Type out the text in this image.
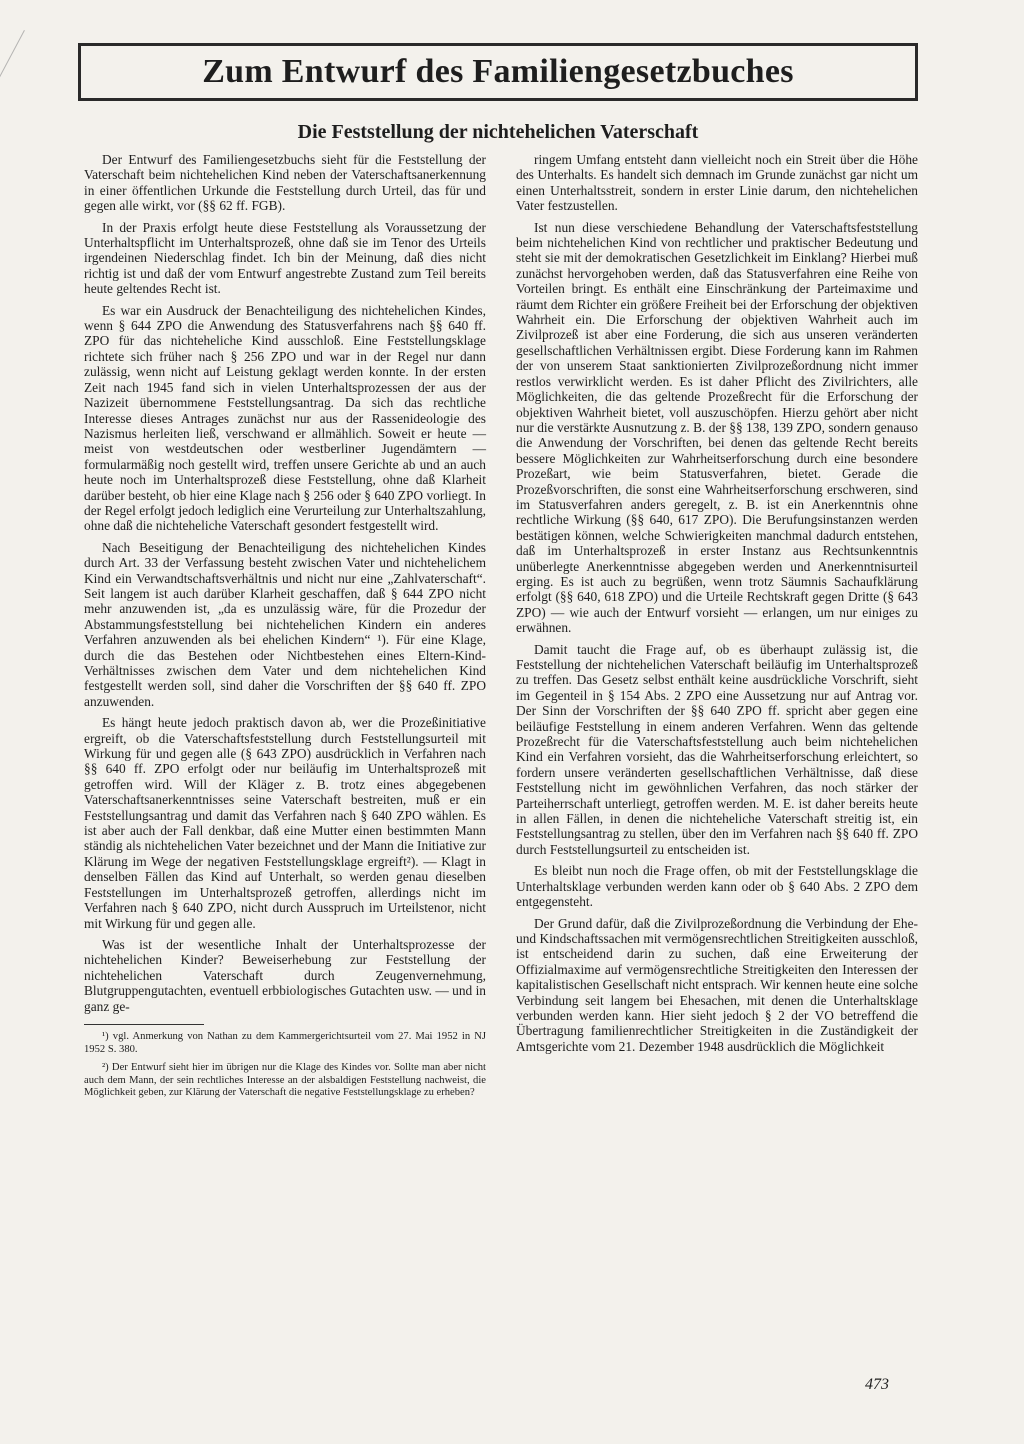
Zum Entwurf des Familiengesetzbuches
Die Feststellung der nichtehelichen Vaterschaft

Der Entwurf des Familiengesetzbuchs sieht für die Feststellung der Vaterschaft beim nichtehelichen Kind neben der Vaterschaftsanerkennung in einer öffentlichen Urkunde die Feststellung durch Urteil, das für und gegen alle wirkt, vor (§§ 62 ff. FGB).

In der Praxis erfolgt heute diese Feststellung als Voraussetzung der Unterhaltspflicht im Unterhaltsprozeß, ohne daß sie im Tenor des Urteils irgendeinen Niederschlag findet. Ich bin der Meinung, daß dies nicht richtig ist und daß der vom Entwurf angestrebte Zustand zum Teil bereits heute geltendes Recht ist.

Es war ein Ausdruck der Benachteiligung des nichtehelichen Kindes, wenn § 644 ZPO die Anwendung des Statusverfahrens nach §§ 640 ff. ZPO für das nichteheliche Kind ausschloß. Eine Feststellungsklage richtete sich früher nach § 256 ZPO und war in der Regel nur dann zulässig, wenn nicht auf Leistung geklagt werden konnte. In der ersten Zeit nach 1945 fand sich in vielen Unterhaltsprozessen der aus der Nazizeit übernommene Feststellungsantrag. Da sich das rechtliche Interesse dieses Antrages zunächst nur aus der Rassenideologie des Nazismus herleiten ließ, verschwand er allmählich. Soweit er heute — meist von westdeutschen oder westberliner Jugendämtern — formularmäßig noch gestellt wird, treffen unsere Gerichte ab und an auch heute noch im Unterhaltsprozeß diese Feststellung, ohne daß Klarheit darüber besteht, ob hier eine Klage nach § 256 oder § 640 ZPO vorliegt. In der Regel erfolgt jedoch lediglich eine Verurteilung zur Unterhaltszahlung, ohne daß die nichteheliche Vaterschaft gesondert festgestellt wird.

Nach Beseitigung der Benachteiligung des nichtehelichen Kindes durch Art. 33 der Verfassung besteht zwischen Vater und nichtehelichem Kind ein Verwandtschaftsverhältnis und nicht nur eine „Zahlvaterschaft“. Seit langem ist auch darüber Klarheit geschaffen, daß § 644 ZPO nicht mehr anzuwenden ist, „da es unzulässig wäre, für die Prozedur der Abstammungsfeststellung bei nichtehelichen Kindern ein anderes Verfahren anzuwenden als bei ehelichen Kindern“ ¹). Für eine Klage, durch die das Bestehen oder Nichtbestehen eines Eltern-Kind-Verhältnisses zwischen dem Vater und dem nichtehelichen Kind festgestellt werden soll, sind daher die Vorschriften der §§ 640 ff. ZPO anzuwenden.

Es hängt heute jedoch praktisch davon ab, wer die Prozeßinitiative ergreift, ob die Vaterschaftsfeststellung durch Feststellungsurteil mit Wirkung für und gegen alle (§ 643 ZPO) ausdrücklich in Verfahren nach §§ 640 ff. ZPO erfolgt oder nur beiläufig im Unterhaltsprozeß mit getroffen wird. Will der Kläger z. B. trotz eines abgegebenen Vaterschaftsanerkenntnisses seine Vaterschaft bestreiten, muß er ein Feststellungsantrag und damit das Verfahren nach § 640 ZPO wählen. Es ist aber auch der Fall denkbar, daß eine Mutter einen bestimmten Mann ständig als nichtehelichen Vater bezeichnet und der Mann die Initiative zur Klärung im Wege der negativen Feststellungsklage ergreift²). — Klagt in denselben Fällen das Kind auf Unterhalt, so werden genau dieselben Feststellungen im Unterhaltsprozeß getroffen, allerdings nicht im Verfahren nach § 640 ZPO, nicht durch Ausspruch im Urteilstenor, nicht mit Wirkung für und gegen alle.

Was ist der wesentliche Inhalt der Unterhaltsprozesse der nichtehelichen Kinder? Beweiserhebung zur Feststellung der nichtehelichen Vaterschaft durch Zeugenvernehmung, Blutgruppengutachten, eventuell erbbiologisches Gutachten usw. — und in ganz ge-

¹) vgl. Anmerkung von Nathan zu dem Kammergerichtsurteil vom 27. Mai 1952 in NJ 1952 S. 380.

²) Der Entwurf sieht hier im übrigen nur die Klage des Kindes vor. Sollte man aber nicht auch dem Mann, der sein rechtliches Interesse an der alsbaldigen Feststellung nachweist, die Möglichkeit geben, zur Klärung der Vaterschaft die negative Feststellungsklage zu erheben?

ringem Umfang entsteht dann vielleicht noch ein Streit über die Höhe des Unterhalts. Es handelt sich demnach im Grunde zunächst gar nicht um einen Unterhaltsstreit, sondern in erster Linie darum, den nichtehelichen Vater festzustellen.

Ist nun diese verschiedene Behandlung der Vaterschaftsfeststellung beim nichtehelichen Kind von rechtlicher und praktischer Bedeutung und steht sie mit der demokratischen Gesetzlichkeit im Einklang? Hierbei muß zunächst hervorgehoben werden, daß das Statusverfahren eine Reihe von Vorteilen bringt. Es enthält eine Einschränkung der Parteimaxime und räumt dem Richter ein größere Freiheit bei der Erforschung der objektiven Wahrheit ein. Die Erforschung der objektiven Wahrheit auch im Zivilprozeß ist aber eine Forderung, die sich aus unseren veränderten gesellschaftlichen Verhältnissen ergibt. Diese Forderung kann im Rahmen der von unserem Staat sanktionierten Zivilprozeßordnung nicht immer restlos verwirklicht werden. Es ist daher Pflicht des Zivilrichters, alle Möglichkeiten, die das geltende Prozeßrecht für die Erforschung der objektiven Wahrheit bietet, voll auszuschöpfen. Hierzu gehört aber nicht nur die verstärkte Ausnutzung z. B. der §§ 138, 139 ZPO, sondern genauso die Anwendung der Vorschriften, bei denen das geltende Recht bereits bessere Möglichkeiten zur Wahrheitserforschung durch eine besondere Prozeßart, wie beim Statusverfahren, bietet. Gerade die Prozeßvorschriften, die sonst eine Wahrheitserforschung erschweren, sind im Statusverfahren anders geregelt, z. B. ist ein Anerkenntnis ohne rechtliche Wirkung (§§ 640, 617 ZPO). Die Berufungsinstanzen werden bestätigen können, welche Schwierigkeiten manchmal dadurch entstehen, daß im Unterhaltsprozeß in erster Instanz aus Rechtsunkenntnis unüberlegte Anerkenntnisse abgegeben werden und Anerkenntnisurteil erging. Es ist auch zu begrüßen, wenn trotz Säumnis Sachaufklärung erfolgt (§§ 640, 618 ZPO) und die Urteile Rechtskraft gegen Dritte (§ 643 ZPO) — wie auch der Entwurf vorsieht — erlangen, um nur einiges zu erwähnen.

Damit taucht die Frage auf, ob es überhaupt zulässig ist, die Feststellung der nichtehelichen Vaterschaft beiläufig im Unterhaltsprozeß zu treffen. Das Gesetz selbst enthält keine ausdrückliche Vorschrift, sieht im Gegenteil in § 154 Abs. 2 ZPO eine Aussetzung nur auf Antrag vor. Der Sinn der Vorschriften der §§ 640 ZPO ff. spricht aber gegen eine beiläufige Feststellung in einem anderen Verfahren. Wenn das geltende Prozeßrecht für die Vaterschaftsfeststellung auch beim nichtehelichen Kind ein Verfahren vorsieht, das die Wahrheitserforschung erleichtert, so fordern unsere veränderten gesellschaftlichen Verhältnisse, daß diese Feststellung nicht im gewöhnlichen Verfahren, das noch stärker der Parteiherrschaft unterliegt, getroffen werden. M. E. ist daher bereits heute in allen Fällen, in denen die nichteheliche Vaterschaft streitig ist, ein Feststellungsantrag zu stellen, über den im Verfahren nach §§ 640 ff. ZPO durch Feststellungsurteil zu entscheiden ist.

Es bleibt nun noch die Frage offen, ob mit der Feststellungsklage die Unterhaltsklage verbunden werden kann oder ob § 640 Abs. 2 ZPO dem entgegensteht.

Der Grund dafür, daß die Zivilprozeßordnung die Verbindung der Ehe- und Kindschaftssachen mit vermögensrechtlichen Streitigkeiten ausschloß, ist entscheidend darin zu suchen, daß eine Erweiterung der Offizialmaxime auf vermögensrechtliche Streitigkeiten den Interessen der kapitalistischen Gesellschaft nicht entsprach. Wir kennen heute eine solche Verbindung seit langem bei Ehesachen, mit denen die Unterhaltsklage verbunden werden kann. Hier sieht jedoch § 2 der VO betreffend die Übertragung familienrechtlicher Streitigkeiten in die Zuständigkeit der Amtsgerichte vom 21. Dezember 1948 ausdrücklich die Möglichkeit

473
